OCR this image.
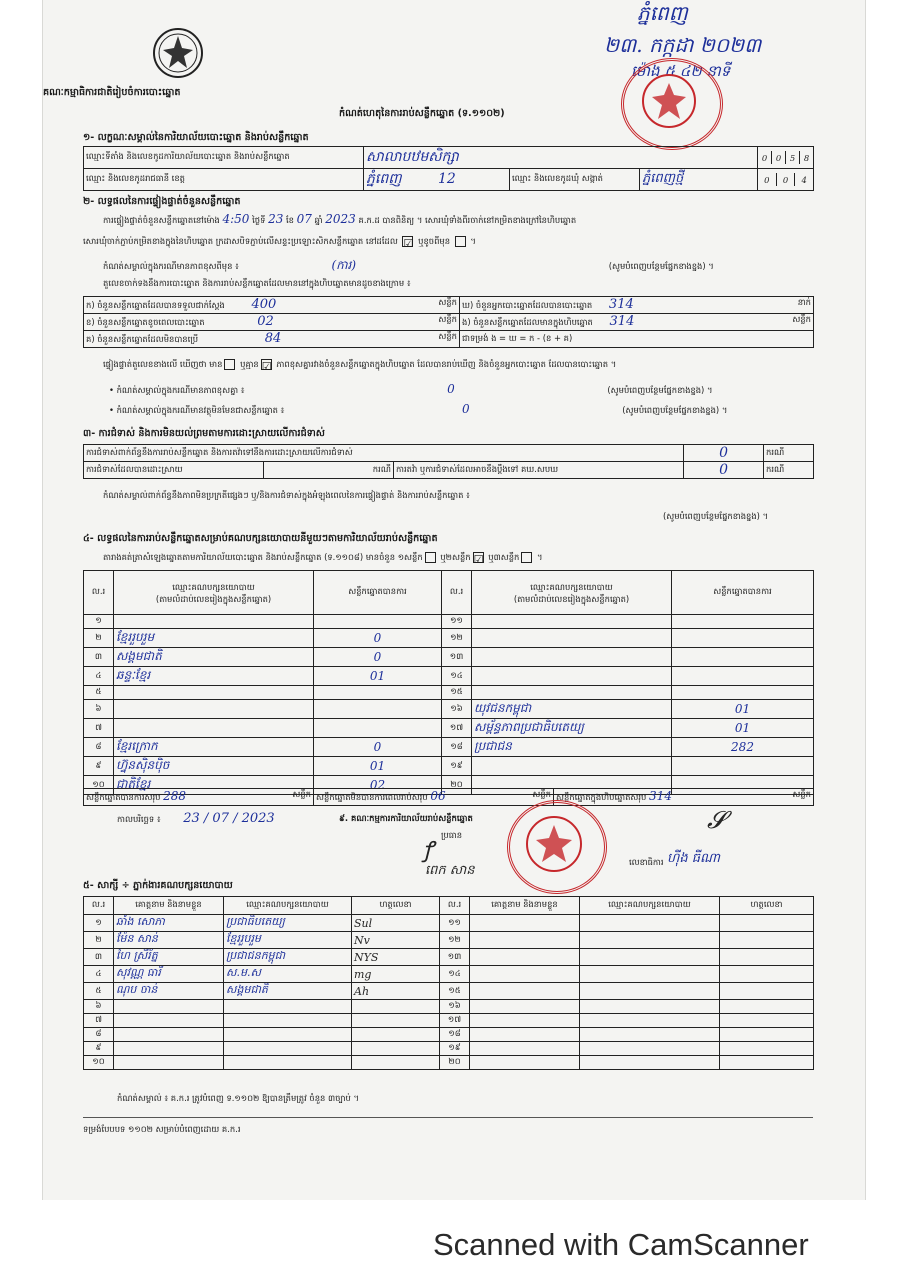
គណៈកម្មាធិការជាតិរៀបចំការបោះឆ្នោត
ភ្នំពេញ
២៣. កក្កដា ២០២៣
ម៉ោង ៥ ៤២ នាទី
កំណត់ហេតុនៃការរាប់សន្លឹកឆ្នោត (ទ.១១០២)
១- លក្ខណៈសម្គាល់នៃការិយាល័យបោះឆ្នោត និងរាប់សន្លឹកឆ្នោត
ឈ្មោះទីតាំង និងលេខកូដការិយាល័យបោះឆ្នោត និងរាប់សន្លឹកឆ្នោត	សាលាបឋមសិក្សា		0	0	5	8

ឈ្មោះ និងលេខកូដរាជធានី ខេត្ត	ភ្នំពេញ	12	ឈ្មោះ និងលេខកូដឃុំ សង្កាត់	ភ្នំពេញថ្មី		0	0	4
២- លទ្ធផលនៃការផ្ទៀងផ្ទាត់ចំនួនសន្លឹកឆ្នោត
ការផ្ទៀងផ្ទាត់ចំនួនសន្លឹកឆ្នោតនៅម៉ោង 4:50 ថ្ងៃទី 23 ខែ 07 ឆ្នាំ 2023 គ.ក.ដ បានពិនិត្យ ។ សោរឃុំទាំងពីរចាក់នៅកម្រិតខាងក្រៅនៃហិបឆ្នោត
សោរឃុំចាក់ភ្ជាប់កម្រិតខាងក្នុងនៃហិបឆ្នោត ក្រដាសបិទភ្ជាប់លើសន្ទះប្រឡោះសិកសន្លឹកឆ្នោត នៅដដែល ☑ ឬខូចពីមុន  ។
កំណត់សម្គាល់ក្នុងករណីមានភាពខុសពីមុន ៖	(ការ)	(សូមបំពេញបន្ថែមផ្នែកខាងខ្នង) ។
តួលេខចាក់ទងនឹងការបោះឆ្នោត និងការរាប់សន្លឹកឆ្នោតដែលមាននៅក្នុងហិបឆ្នោតមានដូចខាងក្រោម ៖
ក) ចំនួនសន្លឹកឆ្នោតដែលបានទទួលជាក់ស្ដែង 400 សន្លឹក	ឃ) ចំនួនអ្នកបោះឆ្នោតដែលបានបោះឆ្នោត 314 នាក់

ខ) ចំនួនសន្លឹកឆ្នោតខូចពេលបោះឆ្នោត 02 សន្លឹក	ង) ចំនួនសន្លឹកឆ្នោតដែលមានក្នុងហិបឆ្នោត 314 សន្លឹក

គ) ចំនួនសន្លឹកឆ្នោតដែលមិនបានប្រើ 84 សន្លឹក	ជាទម្រង់ ង = ឃ = ក - (ខ + គ)
ផ្ទៀងផ្ទាត់តួលេខខាងលើ ឃើញថា មាន ឬគ្មាន ☑ ភាពខុសគ្នារវាងចំនួនសន្លឹកឆ្នោតក្នុងហិបឆ្នោត ដែលបានរាប់ឃើញ និងចំនួនអ្នកបោះឆ្នោត ដែលបានបោះឆ្នោត ។
• កំណត់សម្គាល់ក្នុងករណីមានភាពខុសគ្នា ៖	0	(សូមបំពេញបន្ថែមផ្នែកខាងខ្នង) ។
• កំណត់សម្គាល់ក្នុងករណីមានវត្ថុមិនមែនជាសន្លឹកឆ្នោត ៖	0	(សូមបំពេញបន្ថែមផ្នែកខាងខ្នង) ។
៣- ការជំទាស់ និងការមិនយល់ព្រមតាមការដោះស្រាយលើការជំទាស់
ការជំទាស់ពាក់ព័ន្ធនឹងការរាប់សន្លឹកឆ្នោត និងការតវ៉ាទៅនឹងការដោះស្រាយលើការជំទាស់			0	ករណី
ការជំទាស់ដែលបានដោះស្រាយ	ករណី	ការតវ៉ា ឬការជំទាស់ដែលអាចនឹងប្ដឹងទៅ គឃ.សបឃ	0	ករណី
កំណត់សម្គាល់ពាក់ព័ន្ធនឹងភាពមិនប្រក្រតីផ្សេងៗ ឬ/និងការជំទាស់ក្នុងអំឡុងពេលនៃការផ្ទៀងផ្ទាត់ និងការរាប់សន្លឹកឆ្នោត ៖
(សូមបំពេញបន្ថែមផ្នែកខាងខ្នង) ។
៤- លទ្ធផលនៃការរាប់សន្លឹកឆ្នោតសម្រាប់គណបក្សនយោបាយនីមួយៗតាមការិយាល័យរាប់សន្លឹកឆ្នោត
តារាងគត់ត្រាសំឡេងឆ្នោតតាមការិយាល័យបោះឆ្នោត និងរាប់សន្លឹកឆ្នោត (ទ.១១០៨) មានចំនួន ១សន្លឹក ឬ២សន្លឹក ☑ ឬ៣សន្លឹក ។
ល.រ	ឈ្មោះគណបក្សនយោបាយ
(តាមលំដាប់លេខរៀងក្នុងសន្លឹកឆ្នោត)	សន្លឹកឆ្នោតបានការ	ល.រ	ឈ្មោះគណបក្សនយោបាយ
(តាមលំដាប់លេខរៀងក្នុងសន្លឹកឆ្នោត)	សន្លឹកឆ្នោតបានការ
១			១១		
២	ខ្មែររួបរួម	0	១២		
៣	សង្គមជាតិ	0	១៣		
៤	ឆន្ទៈខ្មែរ	01	១៤		
៥			១៥		
៦			១៦	យុវជនកម្ពុជា	01
៧			១៧	សម្ព័ន្ធភាពប្រជាធិបតេយ្យ	01
៨	ខ្មែរក្រោក	0	១៨	ប្រជាជន	282
៩	ហ្វ៊ុនស៊ិនប៉ិច	01	១៩		
១០	ជាតិខ្មែរ	02	២០		
សន្លឹកឆ្នោតបានការសរុប 288	សន្លឹក	សន្លឹកឆ្នោតមិនបានការពេលរាប់សរុប 06	សន្លឹក	សន្លឹកឆ្នោតក្នុងហិបឆ្នោតសរុប 314	សន្លឹក
កាលបរិច្ឆេទ ៖ 23 / 07 / 2023	៩. គណៈកម្មការការិយាល័យរាប់សន្លឹកឆ្នោត
ប្រធាន
ꝭ
ពេក សាន
លេខាធិការ ហ៊ីង ធីណា
𝓢
៥- សាក្សី ÷ ភ្នាក់ងារគណបក្សនយោបាយ
ល.រ	គោត្តនាម និងនាមខ្លួន	ឈ្មោះគណបក្សនយោបាយ	ហត្ថលេខា	ល.រ	គោត្តនាម និងនាមខ្លួន	ឈ្មោះគណបក្សនយោបាយ	ហត្ថលេខា
១	ឆាំង សោភា	ប្រជាធិបតេយ្យ	Sul	១១			
២	ម៉ែន សាន់	ខ្មែររួបរួម	Nv	១២			
៣	ហៃ ស្រីរ័ត្ន	ប្រជាជនកម្ពុជា	NYS	១៣			
៤	សុវណ្ណ ធារី	ស.ម.ស	mg	១៤			
៥	ណុប ចាន់	សង្គមជាតិ	Ah	១៥			
៦				១៦			
៧				១៧			
៨				១៨			
៩				១៩			
១០				២០			
កំណត់សម្គាល់ ៖ គ.ក.រ ត្រូវបំពេញ ទ.១១០២ ឱ្យបានត្រឹមត្រូវ ចំនួន ៣ច្បាប់ ។
ទម្រង់បែបបទ ១១០២ សម្រាប់បំពេញដោយ គ.ក.រ
Scanned with CamScanner
